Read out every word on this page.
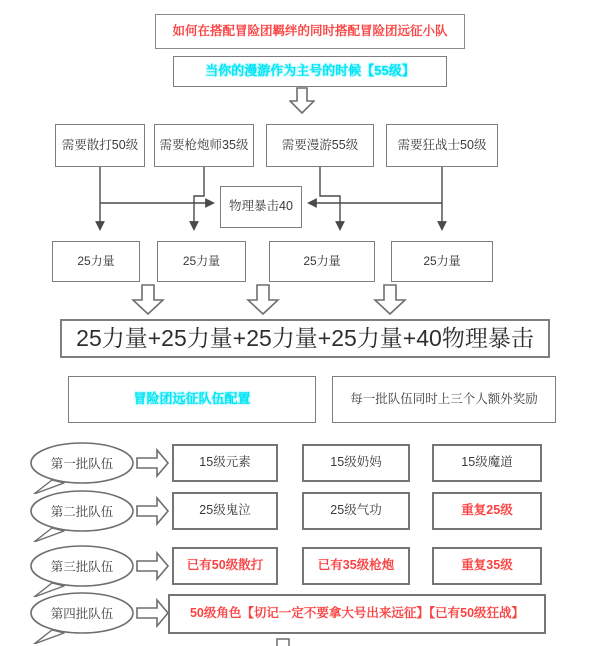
如何在搭配冒险团羁绊的同时搭配冒险团远征小队
当你的漫游作为主号的时候【55级】
需要散打50级 需要枪炮师35级	需要漫游55级	需要狂战士50级
物理暴击40
25力量	25力量	25力量	25力量
25力量+25力量+25力量+25力量+40物理暴击
冒险团远征队伍配置	每一批队伍同时上三个人额外奖励
第一批队伍	15级元素	15级奶妈	15级魔道
第二批队伍	25级鬼泣	25级气功	重复25级
第三批队伍	已有50级散打	已有35级枪炮	重复35级
第四批队伍	50级角色【切记一定不要拿大号出来远征】【已有50级狂战】
